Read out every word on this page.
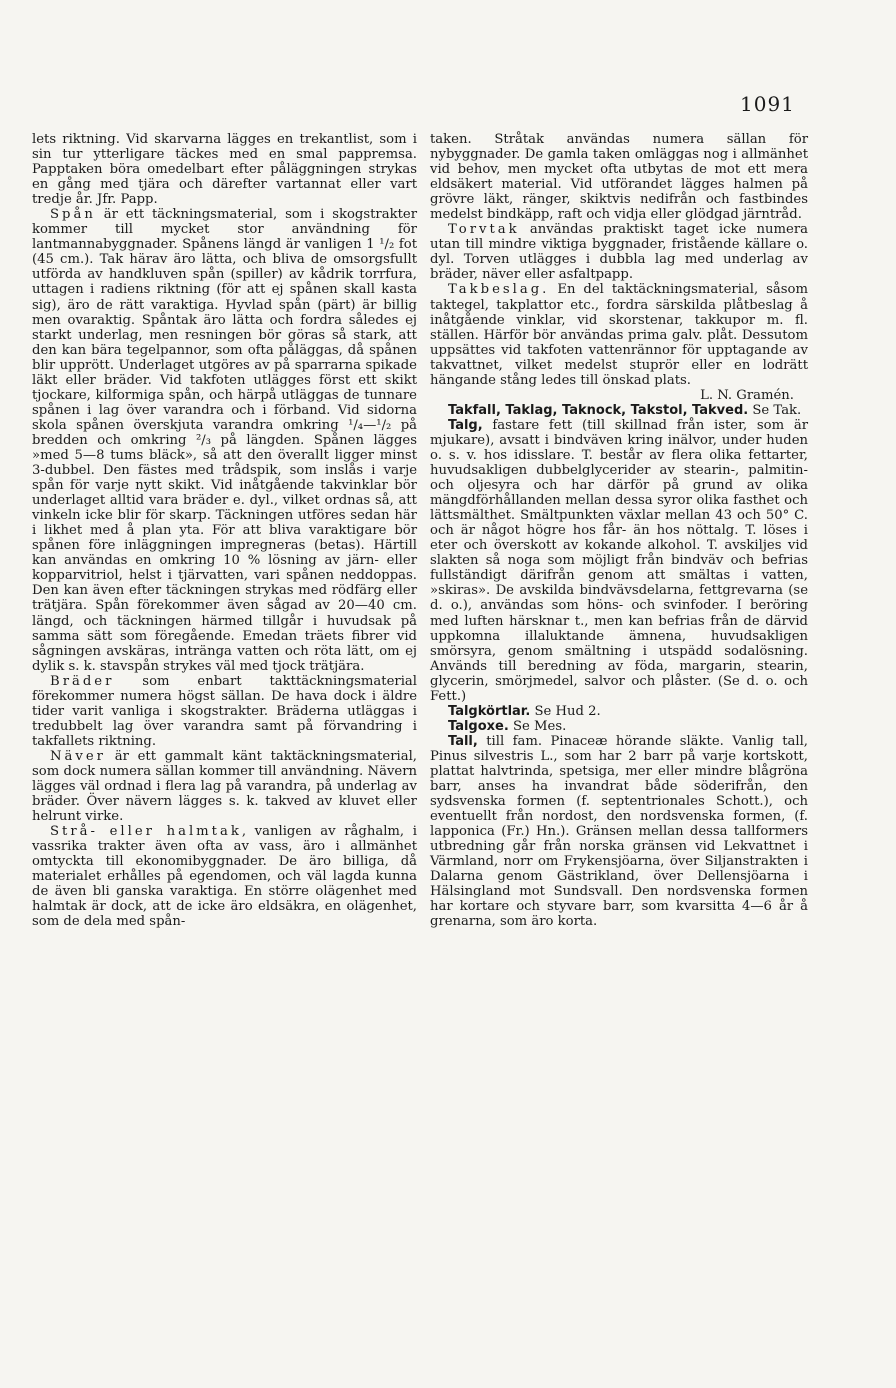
1091

lets riktning. Vid skarvarna lägges en trekantlist, som i sin tur ytterligare täckes med en smal pappremsa. Papptaken böra omedelbart efter påläggningen strykas en gång med tjära och därefter vartannat eller vart tredje år. Jfr. Papp.

Spån är ett täckningsmaterial, som i skogstrakter kommer till mycket stor användning för lantmannabyggnader. Spånens längd är vanligen 1 ¹/₂ fot (45 cm.). Tak härav äro lätta, och bliva de omsorgsfullt utförda av handkluven spån (spiller) av kådrik torrfura, uttagen i radiens riktning (för att ej spånen skall kasta sig), äro de rätt varaktiga. Hyvlad spån (pärt) är billig men ovaraktig. Spåntak äro lätta och fordra således ej starkt underlag, men resningen bör göras så stark, att den kan bära tegelpannor, som ofta påläggas, då spånen blir upprött. Underlaget utgöres av på sparrarna spikade läkt eller bräder. Vid takfoten utlägges först ett skikt tjockare, kilformiga spån, och härpå utläggas de tunnare spånen i lag över varandra och i förband. Vid sidorna skola spånen överskjuta varandra omkring ¹/₄—¹/₂ på bredden och omkring ²/₃ på längden. Spånen lägges »med 5—8 tums bläck», så att den överallt ligger minst 3-dubbel. Den fästes med trådspik, som inslås i varje spån för varje nytt skikt. Vid inåtgående takvinklar bör underlaget alltid vara bräder e. dyl., vilket ordnas så, att vinkeln icke blir för skarp. Täckningen utföres sedan här i likhet med å plan yta. För att bliva varaktigare bör spånen före inläggningen impregneras (betas). Härtill kan användas en omkring 10 % lösning av järn- eller kopparvitriol, helst i tjärvatten, vari spånen neddoppas. Den kan även efter täckningen strykas med rödfärg eller trätjära. Spån förekommer även sågad av 20—40 cm. längd, och täckningen härmed tillgår i huvudsak på samma sätt som föregående. Emedan träets fibrer vid sågningen avskäras, intränga vatten och röta lätt, om ej dylik s. k. stavspån strykes väl med tjock trätjära.

Bräder som enbart takttäckningsmaterial förekommer numera högst sällan. De hava dock i äldre tider varit vanliga i skogstrakter. Bräderna utläggas i tredubbelt lag över varandra samt på förvandring i takfallets riktning.

Näver är ett gammalt känt taktäckningsmaterial, som dock numera sällan kommer till användning. Nävern lägges väl ordnad i flera lag på varandra, på underlag av bräder. Över nävern lägges s. k. takved av kluvet eller helrunt virke.

Strå- eller halmtak, vanligen av råghalm, i vassrika trakter även ofta av vass, äro i allmänhet omtyckta till ekonomibyggnader. De äro billiga, då materialet erhålles på egendomen, och väl lagda kunna de även bli ganska varaktiga. En större olägenhet med halmtak är dock, att de icke äro eldsäkra, en olägenhet, som de dela med spån-

taken. Stråtak användas numera sällan för nybyggnader. De gamla taken omläggas nog i allmänhet vid behov, men mycket ofta utbytas de mot ett mera eldsäkert material. Vid utförandet lägges halmen på grövre läkt, ränger, skiktvis nedifrån och fastbindes medelst bindkäpp, raft och vidja eller glödgad järntråd.

Torvtak användas praktiskt taget icke numera utan till mindre viktiga byggnader, fristående källare o. dyl. Torven utlägges i dubbla lag med underlag av bräder, näver eller asfaltpapp.

Takbeslag. En del taktäckningsmaterial, såsom taktegel, takplattor etc., fordra särskilda plåtbeslag å inåtgående vinklar, vid skorstenar, takkupor m. fl. ställen. Härför bör användas prima galv. plåt. Dessutom uppsättes vid takfoten vattenrännor för upptagande av takvattnet, vilket medelst stuprör eller en lodrätt hängande stång ledes till önskad plats.
L. N. Gramén.

Takfall, Taklag, Taknock, Takstol, Takved. Se Tak.

Talg, fastare fett (till skillnad från ister, som är mjukare), avsatt i bindväven kring inälvor, under huden o. s. v. hos idisslare. T. består av flera olika fettarter, huvudsakligen dubbelglycerider av stearin-, palmitin- och oljesyra och har därför på grund av olika mängdförhållanden mellan dessa syror olika fasthet och lättsmälthet. Smältpunkten växlar mellan 43 och 50° C. och är något högre hos får- än hos nöttalg. T. löses i eter och överskott av kokande alkohol. T. avskiljes vid slakten så noga som möjligt från bindväv och befrias fullständigt därifrån genom att smältas i vatten, »skiras». De avskilda bindvävsdelarna, fettgrevarna (se d. o.), användas som höns- och svinfoder. I beröring med luften härsknar t., men kan befrias från de därvid uppkomna illaluktande ämnena, huvudsakligen smörsyra, genom smältning i utspädd sodalösning. Används till beredning av föda, margarin, stearin, glycerin, smörjmedel, salvor och plåster. (Se d. o. och Fett.)

Talgkörtlar. Se Hud 2.

Talgoxe. Se Mes.

Tall, till fam. Pinaceæ hörande släkte. Vanlig tall, Pinus silvestris L., som har 2 barr på varje kortskott, plattat halvtrinda, spetsiga, mer eller mindre blågröna barr, anses ha invandrat både söderifrån, den sydsvenska formen (f. septentrionales Schott.), och eventuellt från nordost, den nordsvenska formen, (f. lapponica (Fr.) Hn.). Gränsen mellan dessa tallformers utbredning går från norska gränsen vid Lekvattnet i Värmland, norr om Frykensjöarna, över Siljanstrakten i Dalarna genom Gästrikland, över Dellensjöarna i Hälsingland mot Sundsvall. Den nordsvenska formen har kortare och styvare barr, som kvarsitta 4—6 år å grenarna, som äro korta.
